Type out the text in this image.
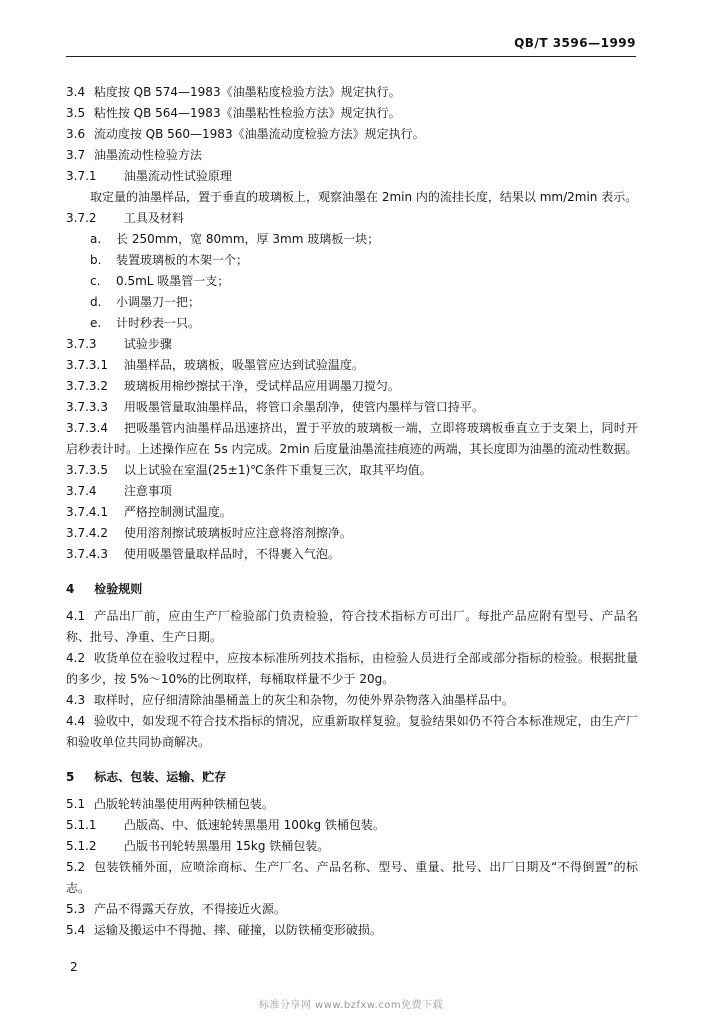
QB/T 3596—1999
3.4 粘度按 QB 574—1983《油墨粘度检验方法》规定执行。
3.5 粘性按 QB 564—1983《油墨粘性检验方法》规定执行。
3.6 流动度按 QB 560—1983《油墨流动度检验方法》规定执行。
3.7 油墨流动性检验方法
3.7.1 油墨流动性试验原理
取定量的油墨样品，置于垂直的玻璃板上，观察油墨在 2min 内的流挂长度，结果以 mm/2min 表示。
3.7.2 工具及材料
a. 长 250mm，宽 80mm，厚 3mm 玻璃板一块；
b. 装置玻璃板的木架一个；
c. 0.5mL 吸墨管一支；
d. 小调墨刀一把；
e. 计时秒表一只。
3.7.3 试验步骤
3.7.3.1 油墨样品，玻璃板，吸墨管应达到试验温度。
3.7.3.2 玻璃板用棉纱擦拭干净，受试样品应用调墨刀搅匀。
3.7.3.3 用吸墨管量取油墨样品，将管口余墨刮净，使管内墨样与管口持平。
3.7.3.4 把吸墨管内油墨样品迅速挤出，置于平放的玻璃板一端，立即将玻璃板垂直立于支架上，同时开启秒表计时。上述操作应在 5s 内完成。2min 后度量油墨流挂痕迹的两端，其长度即为油墨的流动性数据。
3.7.3.5 以上试验在室温(25±1)℃条件下重复三次，取其平均值。
3.7.4 注意事项
3.7.4.1 严格控制测试温度。
3.7.4.2 使用溶剂擦试玻璃板时应注意将溶剂擦净。
3.7.4.3 使用吸墨管量取样品时，不得裹入气泡。
4 检验规则
4.1 产品出厂前，应由生产厂检验部门负责检验，符合技术指标方可出厂。每批产品应附有型号、产品名称、批号、净重、生产日期。
4.2 收货单位在验收过程中，应按本标准所列技术指标，由检验人员进行全部或部分指标的检验。根据批量的多少，按 5%～10%的比例取样，每桶取样量不少于 20g。
4.3 取样时，应仔细清除油墨桶盖上的灰尘和杂物，勿使外界杂物落入油墨样品中。
4.4 验收中，如发现不符合技术指标的情况，应重新取样复验。复验结果如仍不符合本标准规定，由生产厂和验收单位共同协商解决。
5 标志、包装、运输、贮存
5.1 凸版轮转油墨使用两种铁桶包装。
5.1.1 凸版高、中、低速轮转黑墨用 100kg 铁桶包装。
5.1.2 凸版书刊轮转黑墨用 15kg 铁桶包装。
5.2 包装铁桶外面，应喷涂商标、生产厂名、产品名称、型号、重量、批号、出厂日期及“不得倒置”的标志。
5.3 产品不得露天存放，不得接近火源。
5.4 运输及搬运中不得抛、摔、碰撞，以防铁桶变形破损。
2
标准分享网 www.bzfxw.com免费下载
